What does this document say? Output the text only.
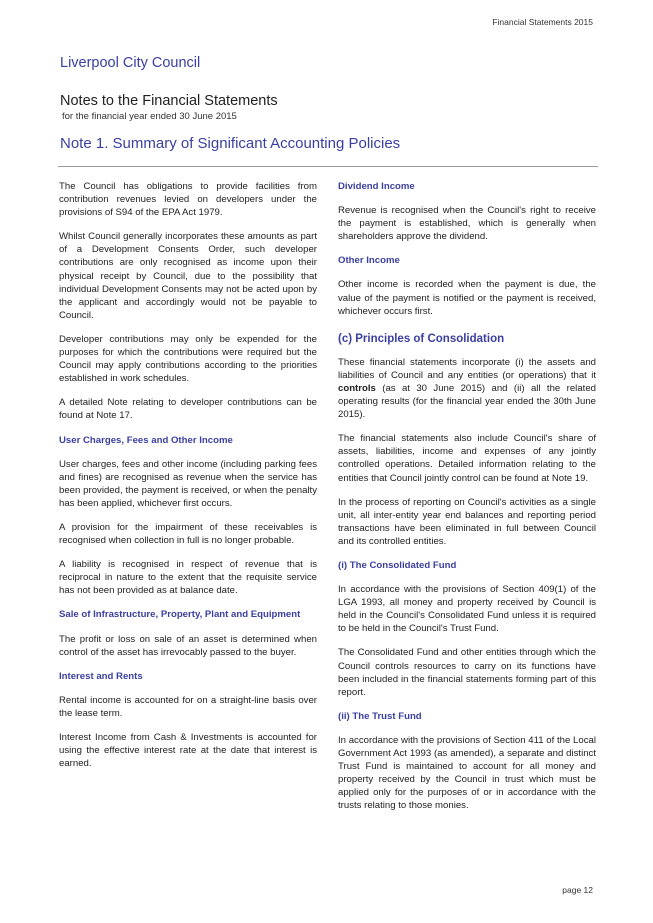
Financial Statements 2015
Liverpool City Council
Notes to the Financial Statements
for the financial year ended 30 June 2015
Note 1. Summary of Significant Accounting Policies

The Council has obligations to provide facilities from contribution revenues levied on developers under the provisions of S94 of the EPA Act 1979.

Whilst Council generally incorporates these amounts as part of a Development Consents Order, such developer contributions are only recognised as income upon their physical receipt by Council, due to the possibility that individual Development Consents may not be acted upon by the applicant and accordingly would not be payable to Council.

Developer contributions may only be expended for the purposes for which the contributions were required but the Council may apply contributions according to the priorities established in work schedules.

A detailed Note relating to developer contributions can be found at Note 17.

User Charges, Fees and Other Income

User charges, fees and other income (including parking fees and fines) are recognised as revenue when the service has been provided, the payment is received, or when the penalty has been applied, whichever first occurs.

A provision for the impairment of these receivables is recognised when collection in full is no longer probable.

A liability is recognised in respect of revenue that is reciprocal in nature to the extent that the requisite service has not been provided as at balance date.

Sale of Infrastructure, Property, Plant and Equipment

The profit or loss on sale of an asset is determined when control of the asset has irrevocably passed to the buyer.

Interest and Rents

Rental income is accounted for on a straight-line basis over the lease term.

Interest Income from Cash & Investments is accounted for using the effective interest rate at the date that interest is earned.

Dividend Income

Revenue is recognised when the Council's right to receive the payment is established, which is generally when shareholders approve the dividend.

Other Income

Other income is recorded when the payment is due, the value of the payment is notified or the payment is received, whichever occurs first.

(c) Principles of Consolidation

These financial statements incorporate (i) the assets and liabilities of Council and any entities (or operations) that it controls (as at 30 June 2015) and (ii) all the related operating results (for the financial year ended the 30th June 2015).

The financial statements also include Council's share of assets, liabilities, income and expenses of any jointly controlled operations. Detailed information relating to the entities that Council jointly control can be found at Note 19.

In the process of reporting on Council's activities as a single unit, all inter-entity year end balances and reporting period transactions have been eliminated in full between Council and its controlled entities.

(i) The Consolidated Fund

In accordance with the provisions of Section 409(1) of the LGA 1993, all money and property received by Council is held in the Council's Consolidated Fund unless it is required to be held in the Council's Trust Fund.

The Consolidated Fund and other entities through which the Council controls resources to carry on its functions have been included in the financial statements forming part of this report.

(ii) The Trust Fund

In accordance with the provisions of Section 411 of the Local Government Act 1993 (as amended), a separate and distinct Trust Fund is maintained to account for all money and property received by the Council in trust which must be applied only for the purposes of or in accordance with the trusts relating to those monies.

page 12
